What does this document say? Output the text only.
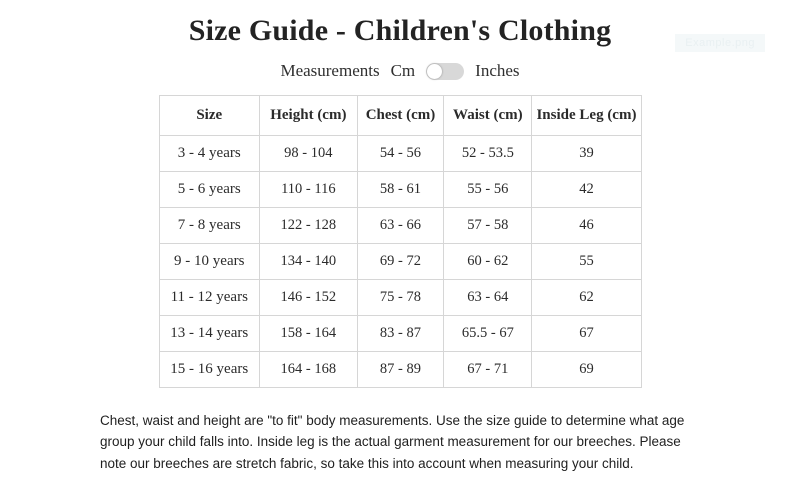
Example.png
Size Guide - Children's Clothing
Measurements Cm	Inches
Size	Height (cm)	Chest (cm)	Waist (cm)	Inside Leg (cm)
3 - 4 years	98 - 104	54 - 56	52 - 53.5	39
5 - 6 years	110 - 116	58 - 61	55 - 56	42
7 - 8 years	122 - 128	63 - 66	57 - 58	46
9 - 10 years	134 - 140	69 - 72	60 - 62	55
11 - 12 years	146 - 152	75 - 78	63 - 64	62
13 - 14 years	158 - 164	83 - 87	65.5 - 67	67
15 - 16 years	164 - 168	87 - 89	67 - 71	69

Chest, waist and height are "to fit" body measurements. Use the size guide to determine what age group your child falls into. Inside leg is the actual garment measurement for our breeches. Please note our breeches are stretch fabric, so take this into account when measuring your child.
